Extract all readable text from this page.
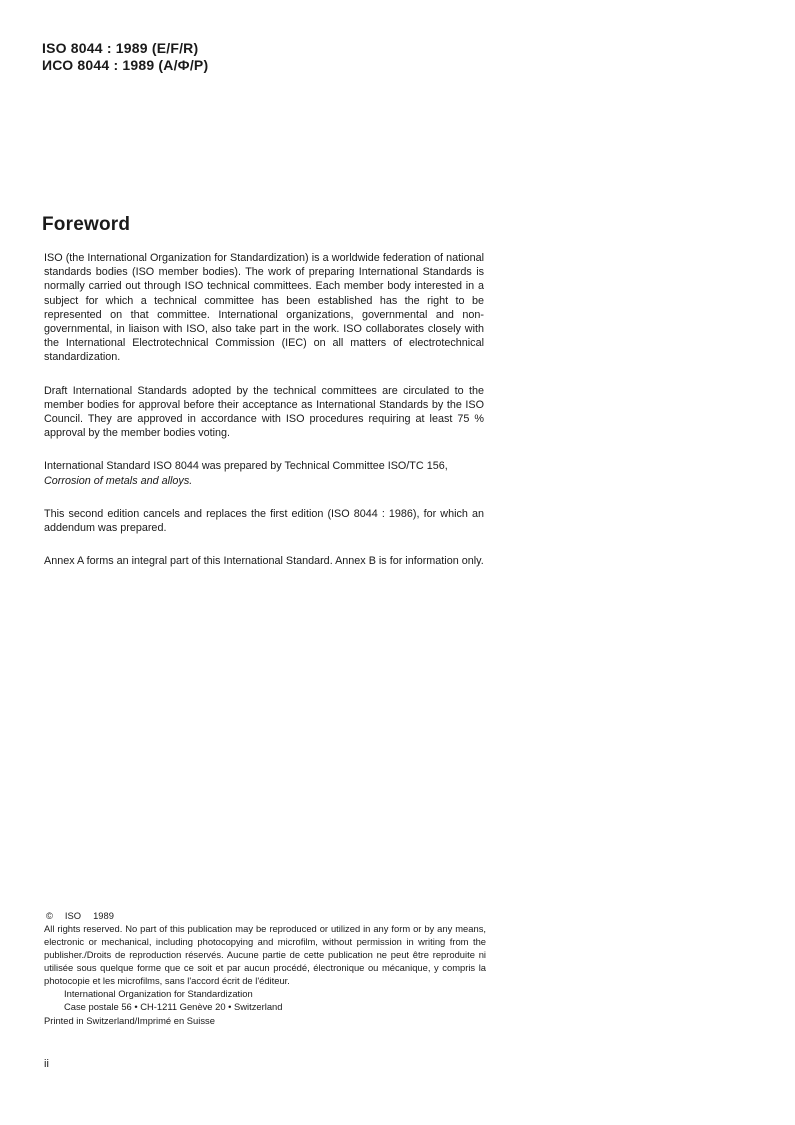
ISO 8044 : 1989 (E/F/R)
ИСО 8044 : 1989 (А/Ф/Р)
Foreword

ISO (the International Organization for Standardization) is a worldwide federation of national standards bodies (ISO member bodies). The work of preparing International Standards is normally carried out through ISO technical committees. Each member body interested in a subject for which a technical committee has been established has the right to be represented on that committee. International organizations, governmental and non-governmental, in liaison with ISO, also take part in the work. ISO collaborates closely with the International Electrotechnical Commission (IEC) on all matters of electrotechnical standardization.

Draft International Standards adopted by the technical committees are circulated to the member bodies for approval before their acceptance as International Standards by the ISO Council. They are approved in accordance with ISO procedures requiring at least 75 % approval by the member bodies voting.

International Standard ISO 8044 was prepared by Technical Committee ISO/TC 156,
Corrosion of metals and alloys.

This second edition cancels and replaces the first edition (ISO 8044 : 1986), for which an addendum was prepared.

Annex A forms an integral part of this International Standard. Annex B is for information only.

© ISO 1989
All rights reserved. No part of this publication may be reproduced or utilized in any form or by any means, electronic or mechanical, including photocopying and microfilm, without permission in writing from the publisher./Droits de reproduction réservés. Aucune partie de cette publication ne peut être reproduite ni utilisée sous quelque forme que ce soit et par aucun procédé, électronique ou mécanique, y compris la photocopie et les microfilms, sans l'accord écrit de l'éditeur.
International Organization for Standardization
Case postale 56 • CH-1211 Genève 20 • Switzerland
Printed in Switzerland/Imprimé en Suisse
ii
